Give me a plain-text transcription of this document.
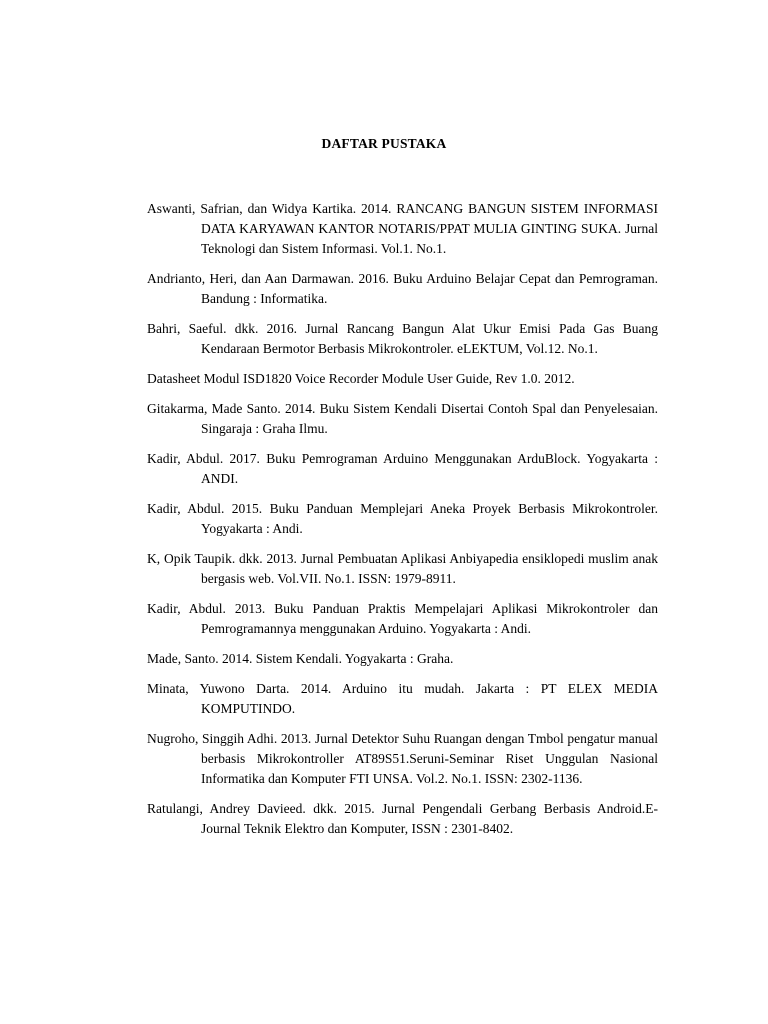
DAFTAR PUSTAKA

Aswanti, Safrian, dan Widya Kartika. 2014. RANCANG BANGUN SISTEM INFORMASI DATA KARYAWAN KANTOR NOTARIS/PPAT MULIA GINTING SUKA. Jurnal Teknologi dan Sistem Informasi. Vol.1. No.1.

Andrianto, Heri, dan Aan Darmawan. 2016. Buku Arduino Belajar Cepat dan Pemrograman. Bandung : Informatika.

Bahri, Saeful. dkk. 2016. Jurnal Rancang Bangun Alat Ukur Emisi Pada Gas Buang Kendaraan Bermotor Berbasis Mikrokontroler. eLEKTUM, Vol.12. No.1.

Datasheet Modul ISD1820 Voice Recorder Module User Guide, Rev 1.0. 2012.

Gitakarma, Made Santo. 2014. Buku Sistem Kendali Disertai Contoh Spal dan Penyelesaian. Singaraja : Graha Ilmu.

Kadir, Abdul. 2017. Buku Pemrograman Arduino Menggunakan ArduBlock. Yogyakarta : ANDI.

Kadir, Abdul. 2015. Buku Panduan Memplejari Aneka Proyek Berbasis Mikrokontroler. Yogyakarta : Andi.

K, Opik Taupik. dkk. 2013. Jurnal Pembuatan Aplikasi Anbiyapedia ensiklopedi muslim anak bergasis web. Vol.VII. No.1. ISSN: 1979-8911.

Kadir, Abdul. 2013. Buku Panduan Praktis Mempelajari Aplikasi Mikrokontroler dan Pemrogramannya menggunakan Arduino. Yogyakarta : Andi.

Made, Santo. 2014. Sistem Kendali. Yogyakarta : Graha.

Minata, Yuwono Darta. 2014. Arduino itu mudah. Jakarta : PT ELEX MEDIA KOMPUTINDO.

Nugroho, Singgih Adhi. 2013. Jurnal Detektor Suhu Ruangan dengan Tmbol pengatur manual berbasis Mikrokontroller AT89S51.Seruni-Seminar Riset Unggulan Nasional Informatika dan Komputer FTI UNSA. Vol.2. No.1. ISSN: 2302-1136.

Ratulangi, Andrey Davieed. dkk. 2015. Jurnal Pengendali Gerbang Berbasis Android.E-Journal Teknik Elektro dan Komputer, ISSN : 2301-8402.
